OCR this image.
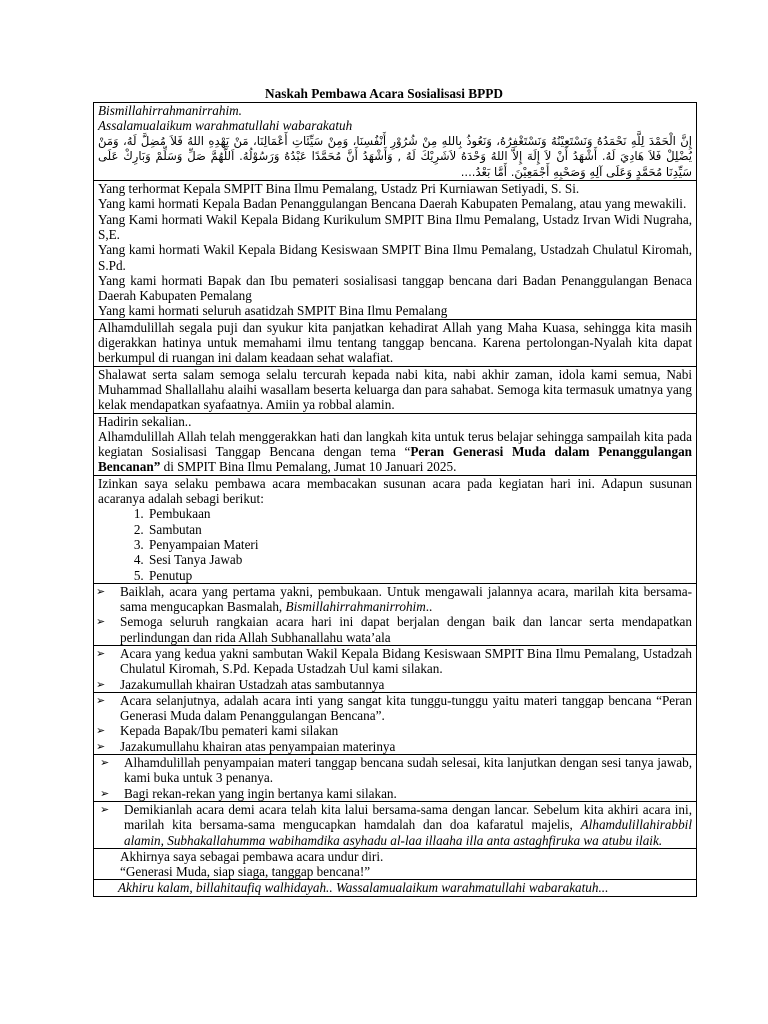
Naskah Pembawa Acara Sosialisasi BPPD
Bismillahirrahmanirrahim.
Assalamualaikum warahmatullahi wabarakatuh
إِنَّ الْحَمْدَ لِلَّهِ نَحْمَدُهُ وَنَسْتَعِيْنُهُ وَنَسْتَغْفِرُهُ، وَنَعُوذُ بِاللهِ مِنْ شُرُوْرِ أَنْفُسِنَا، وَمِنْ سَيِّئَاتِ أَعْمَالِنَا، مَنْ يَهْدِهِ اللهُ فَلاَ مُضِلَّ لَهُ، وَمَنْ يُضْلِلْ فَلاَ هَادِيَ لَهُ. أَشْهَدُ أَنْ لاَ إِلَهَ إِلاَّ اللهُ وَحْدَهُ لاَشَرِيْكَ لَهُ , وَأَشْهَدُ أَنَّ مُحَمَّدًا عَبْدُهُ وَرَسُوْلُهُ. اَللَّهُمَّ صَلِّ وَسَلِّمْ وَبَارِكْ عَلَى سَيِّدِنَا مُحَمَّدٍ وَعَلَى آلِهِ وَصَحْبِهِ أَجْمَعِيْنَ. أَمَّا بَعْدُ....

Yang terhormat Kepala SMPIT Bina Ilmu Pemalang, Ustadz Pri Kurniawan Setiyadi, S. Si.
Yang kami hormati Kepala Badan Penanggulangan Bencana Daerah Kabupaten Pemalang, atau yang mewakili.
Yang Kami hormati Wakil Kepala Bidang Kurikulum SMPIT Bina Ilmu Pemalang, Ustadz Irvan Widi Nugraha, S,E.
Yang kami hormati Wakil Kepala Bidang Kesiswaan SMPIT Bina Ilmu Pemalang, Ustadzah Chulatul Kiromah, S.Pd.
Yang kami hormati Bapak dan Ibu pemateri sosialisasi tanggap bencana dari Badan Penanggulangan Benaca Daerah Kabupaten Pemalang
Yang kami hormati seluruh asatidzah SMPIT Bina Ilmu Pemalang

Alhamdulillah segala puji dan syukur kita panjatkan kehadirat Allah yang Maha Kuasa, sehingga kita masih digerakkan hatinya untuk memahami ilmu tentang tanggap bencana. Karena pertolongan-Nyalah kita dapat berkumpul di ruangan ini dalam keadaan sehat walafiat.

Shalawat serta salam semoga selalu tercurah kepada nabi kita, nabi akhir zaman, idola kami semua, Nabi Muhammad Shallallahu alaihi wasallam beserta keluarga dan para sahabat. Semoga kita termasuk umatnya yang kelak mendapatkan syafaatnya. Amiin ya robbal alamin.

Hadirin sekalian..
Alhamdulillah Allah telah menggerakkan hati dan langkah kita untuk terus belajar sehingga sampailah kita pada kegiatan Sosialisasi Tanggap Bencana dengan tema “Peran Generasi Muda dalam Penanggulangan Bencanan” di SMPIT Bina Ilmu Pemalang, Jumat 10 Januari 2025.

Izinkan saya selaku pembawa acara membacakan susunan acara pada kegiatan hari ini. Adapun susunan acaranya adalah sebagi berikut:
1. Pembukaan
2. Sambutan
3. Penyampaian Materi
4. Sesi Tanya Jawab
5. Penutup

➢ Baiklah, acara yang pertama yakni, pembukaan. Untuk mengawali jalannya acara, marilah kita bersama-sama mengucapkan Basmalah, Bismillahirrahmanirrohim..
➢ Semoga seluruh rangkaian acara hari ini dapat berjalan dengan baik dan lancar serta mendapatkan perlindungan dan rida Allah Subhanallahu wata’ala

➢ Acara yang kedua yakni sambutan Wakil Kepala Bidang Kesiswaan SMPIT Bina Ilmu Pemalang, Ustadzah Chulatul Kiromah, S.Pd. Kepada Ustadzah Uul kami silakan.
➢ Jazakumullah khairan Ustadzah atas sambutannya

➢ Acara selanjutnya, adalah acara inti yang sangat kita tunggu-tunggu yaitu materi tanggap bencana “Peran Generasi Muda dalam Penanggulangan Bencana”.
➢ Kepada Bapak/Ibu pemateri kami silakan
➢ Jazakumullahu khairan atas penyampaian materinya

➢ Alhamdulillah penyampaian materi tanggap bencana sudah selesai, kita lanjutkan dengan sesi tanya jawab, kami buka untuk 3 penanya.
➢ Bagi rekan-rekan yang ingin bertanya kami silakan.

➢ Demikianlah acara demi acara telah kita lalui bersama-sama dengan lancar. Sebelum kita akhiri acara ini, marilah kita bersama-sama mengucapkan hamdalah dan doa kafaratul majelis, Alhamdulillahirabbil alamin, Subhakallahumma wabihamdika asyhadu al-laa illaaha illa anta astaghfiruka wa atubu ilaik.

Akhirnya saya sebagai pembawa acara undur diri.
“Generasi Muda, siap siaga, tanggap bencana!”

Akhiru kalam, billahitaufiq walhidayah.. Wassalamualaikum warahmatullahi wabarakatuh...
